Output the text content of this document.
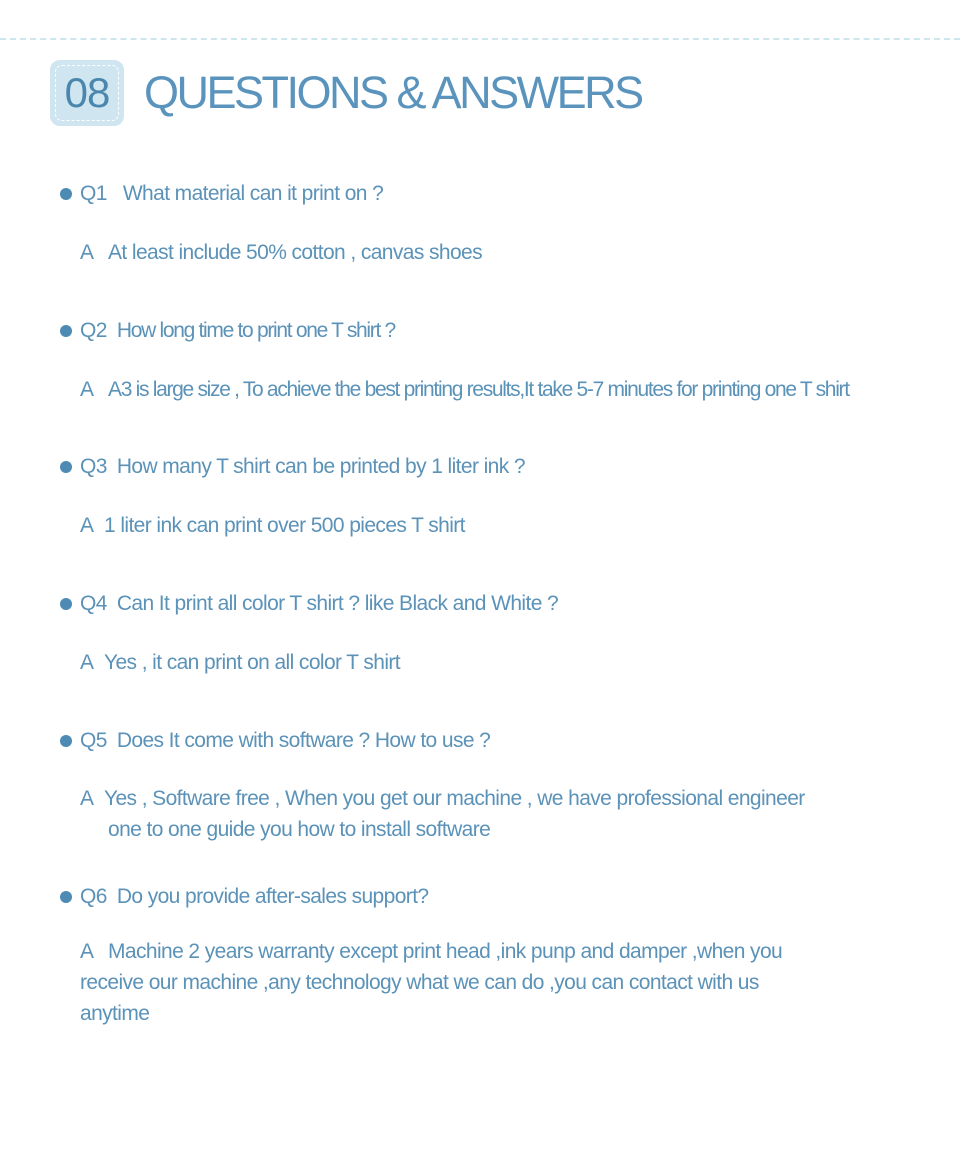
08 QUESTIONS & ANSWERS
Q1 What material can it print on ?
A At least include 50% cotton , canvas shoes
Q2 How long time to print one T shirt ?
A A3 is large size , To achieve the best printing results,It take 5-7 minutes for printing one T shirt
Q3 How many T shirt can be printed by 1 liter ink ?
A 1 liter ink can print over 500 pieces T shirt
Q4 Can It print all color T shirt ? like Black and White ?
A Yes , it can print on all color T shirt
Q5 Does It come with software ? How to use ?
A Yes , Software free , When you get our machine , we have professional engineer
one to one guide you how to install software
Q6 Do you provide after-sales support?
A Machine 2 years warranty except print head ,ink punp and damper ,when you
receive our machine ,any technology what we can do ,you can contact with us
anytime
